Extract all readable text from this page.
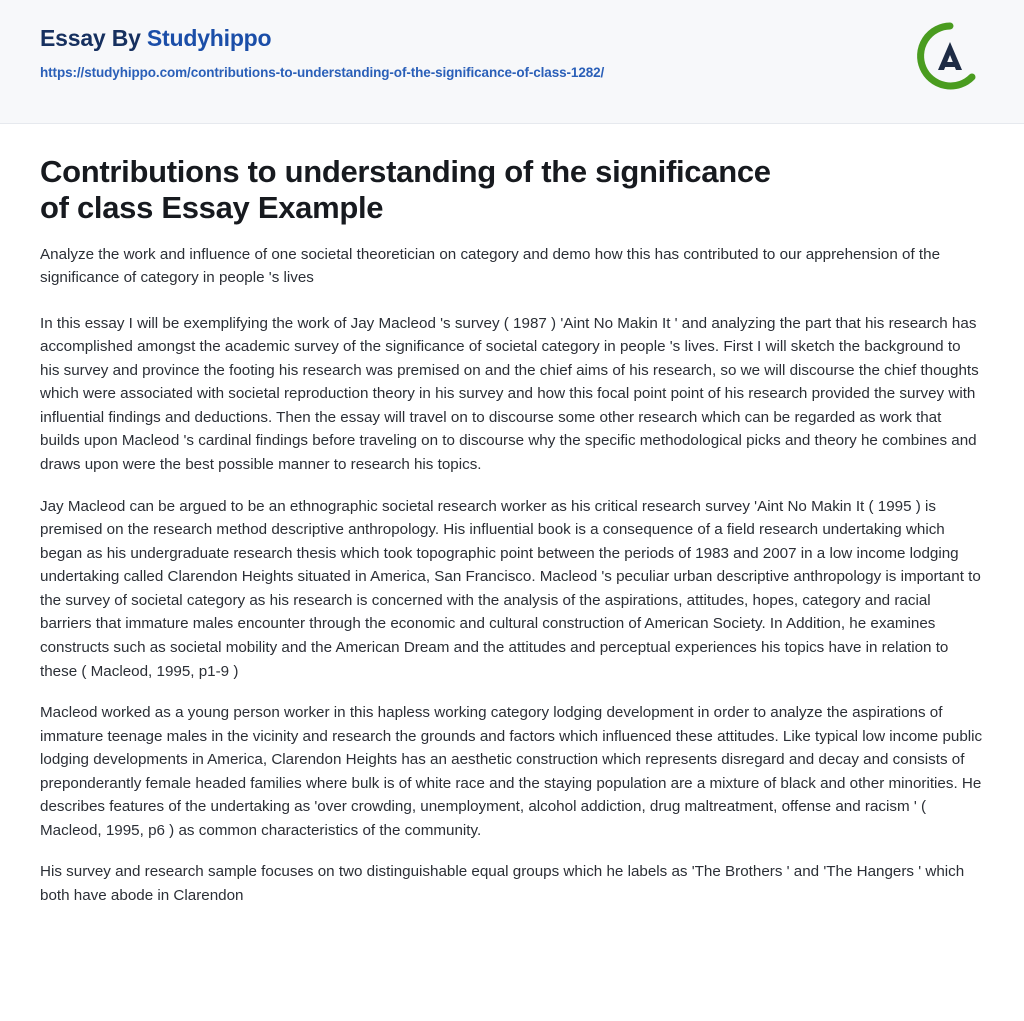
Essay By Studyhippo
https://studyhippo.com/contributions-to-understanding-of-the-significance-of-class-1282/
Contributions to understanding of the significance of class Essay Example

Analyze the work and influence of one societal theoretician on category and demo how this has contributed to our apprehension of the significance of category in people 's lives

In this essay I will be exemplifying the work of Jay Macleod 's survey ( 1987 ) 'Aint No Makin It ' and analyzing the part that his research has accomplished amongst the academic survey of the significance of societal category in people 's lives. First I will sketch the background to his survey and province the footing his research was premised on and the chief aims of his research, so we will discourse the chief thoughts which were associated with societal reproduction theory in his survey and how this focal point point of his research provided the survey with influential findings and deductions. Then the essay will travel on to discourse some other research which can be regarded as work that builds upon Macleod 's cardinal findings before traveling on to discourse why the specific methodological picks and theory he combines and draws upon were the best possible manner to research his topics.

Jay Macleod can be argued to be an ethnographic societal research worker as his critical research survey 'Aint No Makin It ( 1995 ) is premised on the research method descriptive anthropology. His influential book is a consequence of a field research undertaking which began as his undergraduate research thesis which took topographic point between the periods of 1983 and 2007 in a low income lodging undertaking called Clarendon Heights situated in America, San Francisco. Macleod 's peculiar urban descriptive anthropology is important to the survey of societal category as his research is concerned with the analysis of the aspirations, attitudes, hopes, category and racial barriers that immature males encounter through the economic and cultural construction of American Society. In Addition, he examines constructs such as societal mobility and the American Dream and the attitudes and perceptual experiences his topics have in relation to these ( Macleod, 1995, p1-9 )

Macleod worked as a young person worker in this hapless working category lodging development in order to analyze the aspirations of immature teenage males in the vicinity and research the grounds and factors which influenced these attitudes. Like typical low income public lodging developments in America, Clarendon Heights has an aesthetic construction which represents disregard and decay and consists of preponderantly female headed families where bulk is of white race and the staying population are a mixture of black and other minorities. He describes features of the undertaking as 'over crowding, unemployment, alcohol addiction, drug maltreatment, offense and racism ' ( Macleod, 1995, p6 ) as common characteristics of the community.

His survey and research sample focuses on two distinguishable equal groups which he labels as 'The Brothers ' and 'The Hangers ' which both have abode in Clarendon
